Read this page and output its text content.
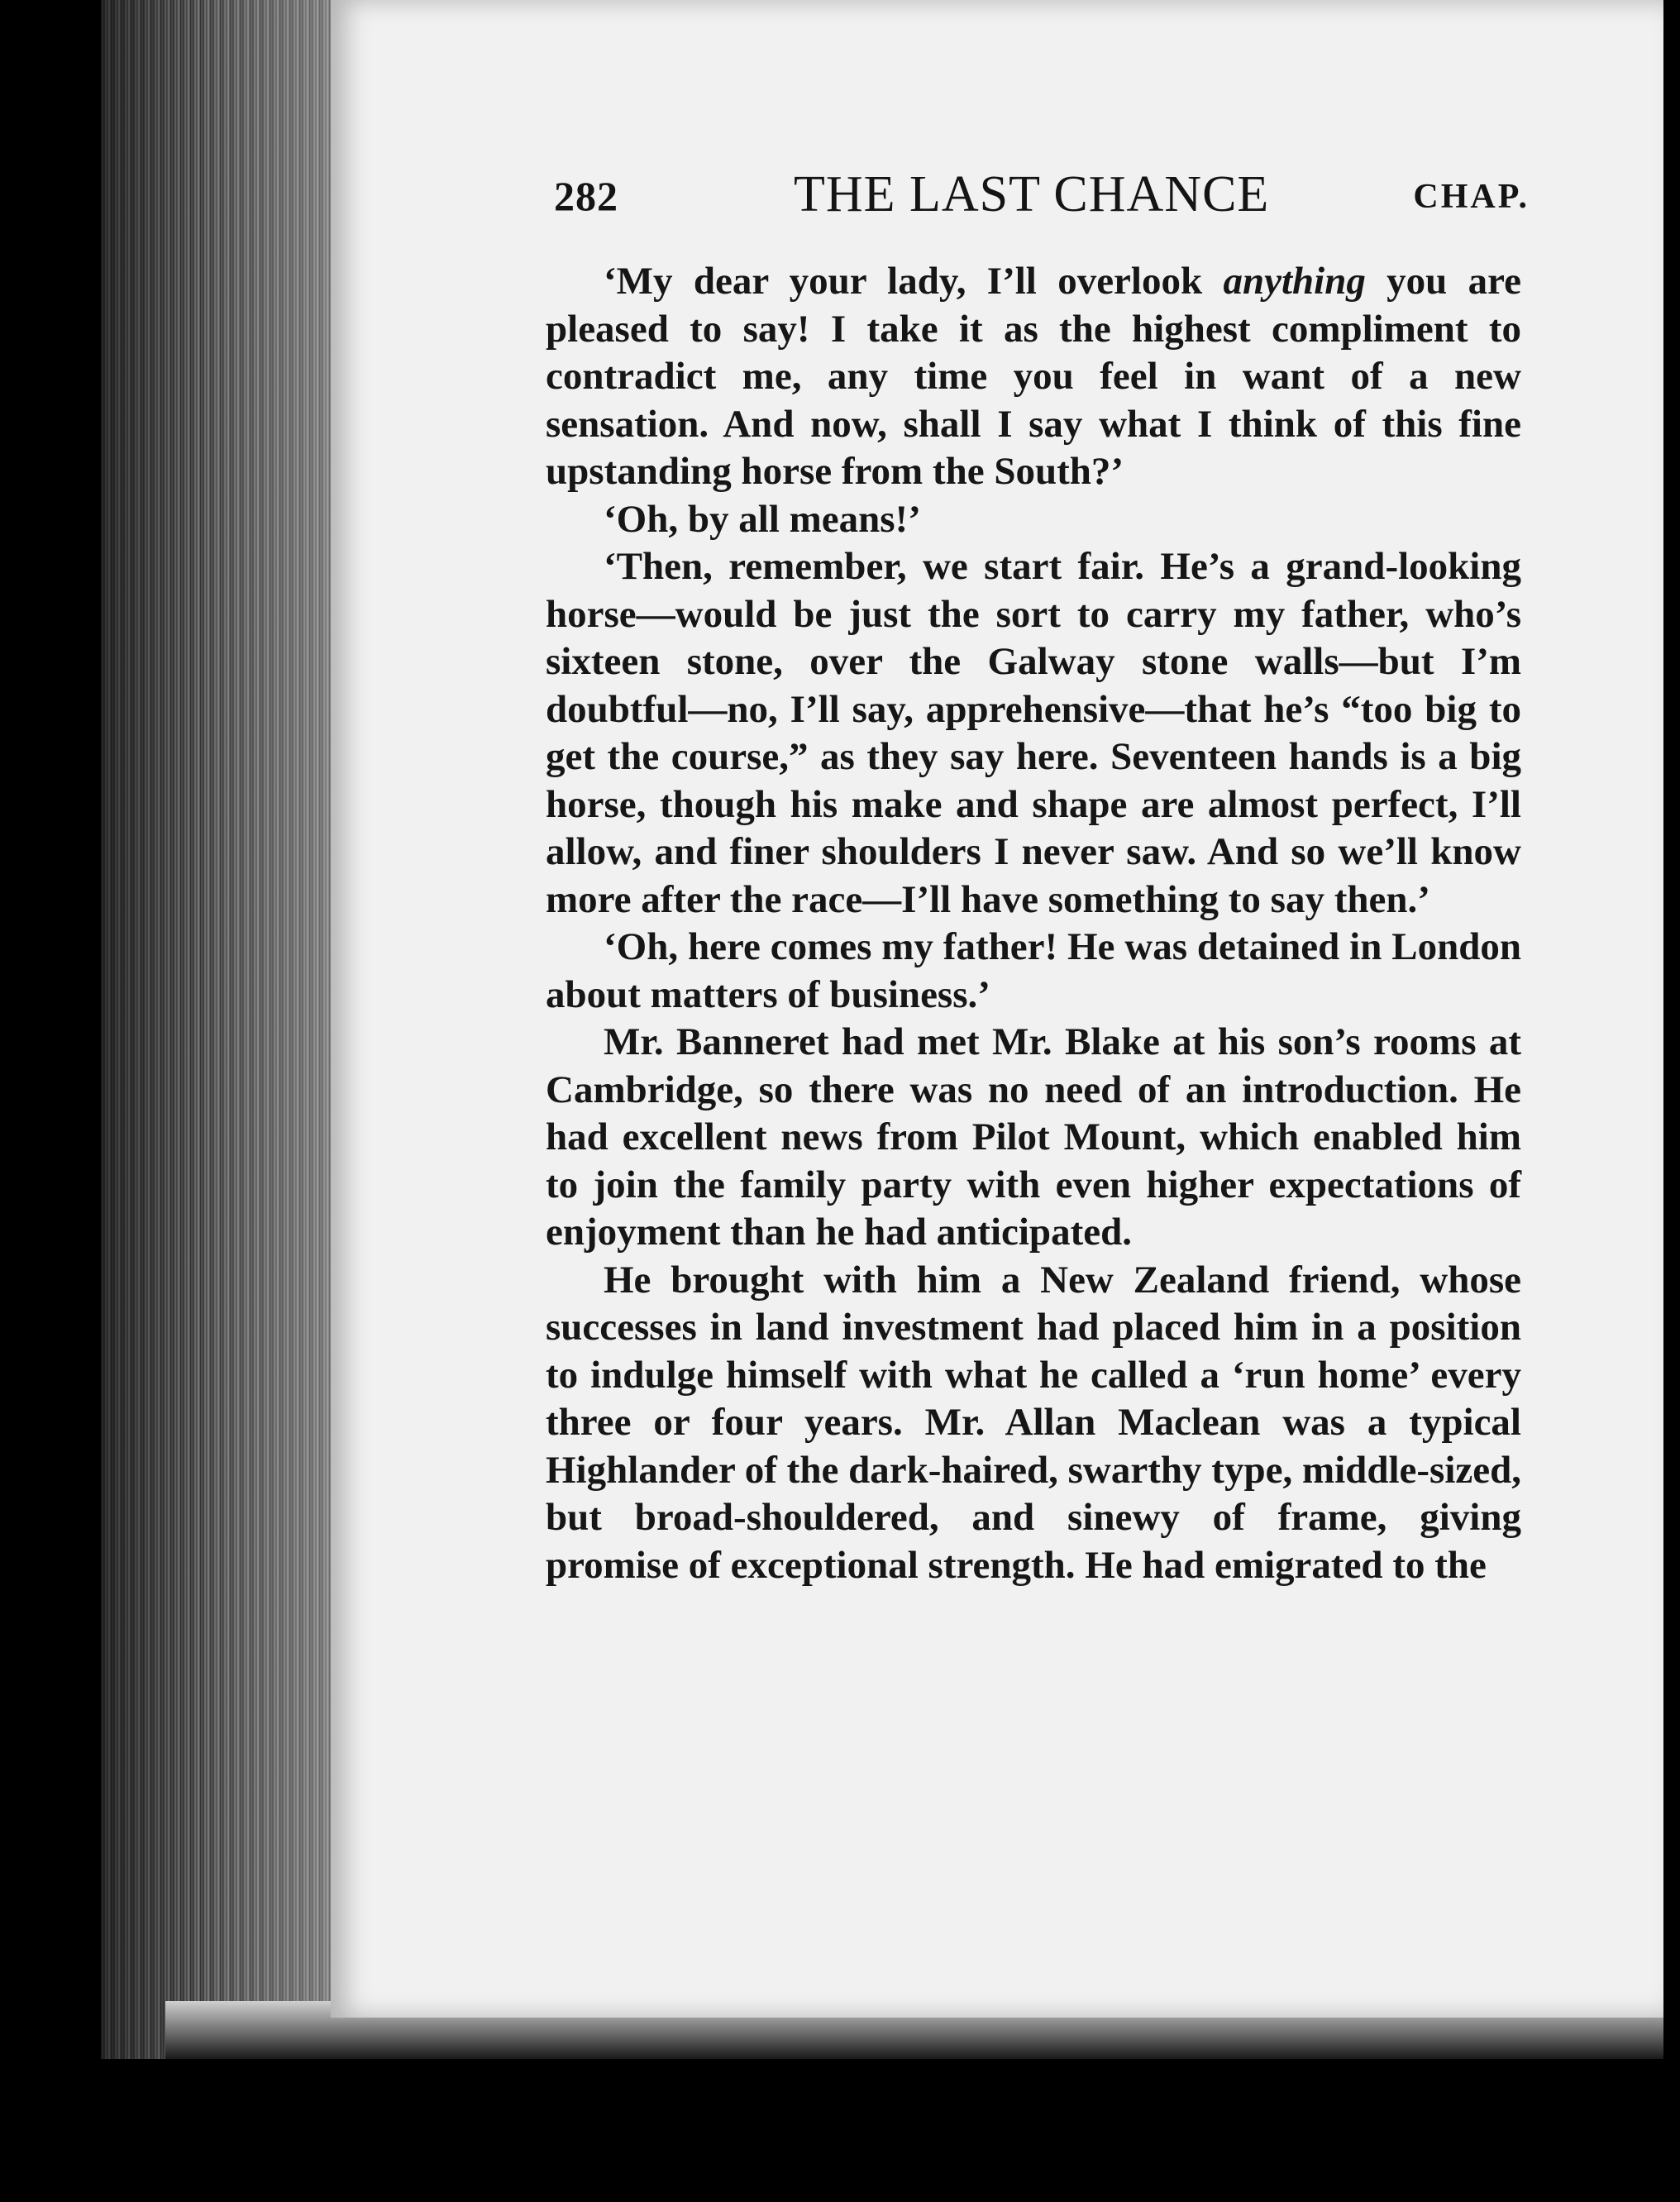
282	THE LAST CHANCE	CHAP.

‘My dear your lady, I’ll overlook anything you are pleased to say! I take it as the highest compliment to contradict me, any time you feel in want of a new sensation. And now, shall I say what I think of this fine upstanding horse from the South?’

‘Oh, by all means!’

‘Then, remember, we start fair. He’s a grand-looking horse—would be just the sort to carry my father, who’s sixteen stone, over the Galway stone walls—but I’m doubtful—no, I’ll say, apprehensive—that he’s “too big to get the course,” as they say here. Seventeen hands is a big horse, though his make and shape are almost perfect, I’ll allow, and finer shoulders I never saw. And so we’ll know more after the race—I’ll have something to say then.’

‘Oh, here comes my father! He was detained in London about matters of business.’

Mr. Banneret had met Mr. Blake at his son’s rooms at Cambridge, so there was no need of an introduction. He had excellent news from Pilot Mount, which enabled him to join the family party with even higher expectations of enjoyment than he had anticipated.

He brought with him a New Zealand friend, whose successes in land investment had placed him in a position to indulge himself with what he called a ‘run home’ every three or four years. Mr. Allan Maclean was a typical Highlander of the dark-haired, swarthy type, middle-sized, but broad-shouldered, and sinewy of frame, giving promise of exceptional strength. He had emigrated to the
